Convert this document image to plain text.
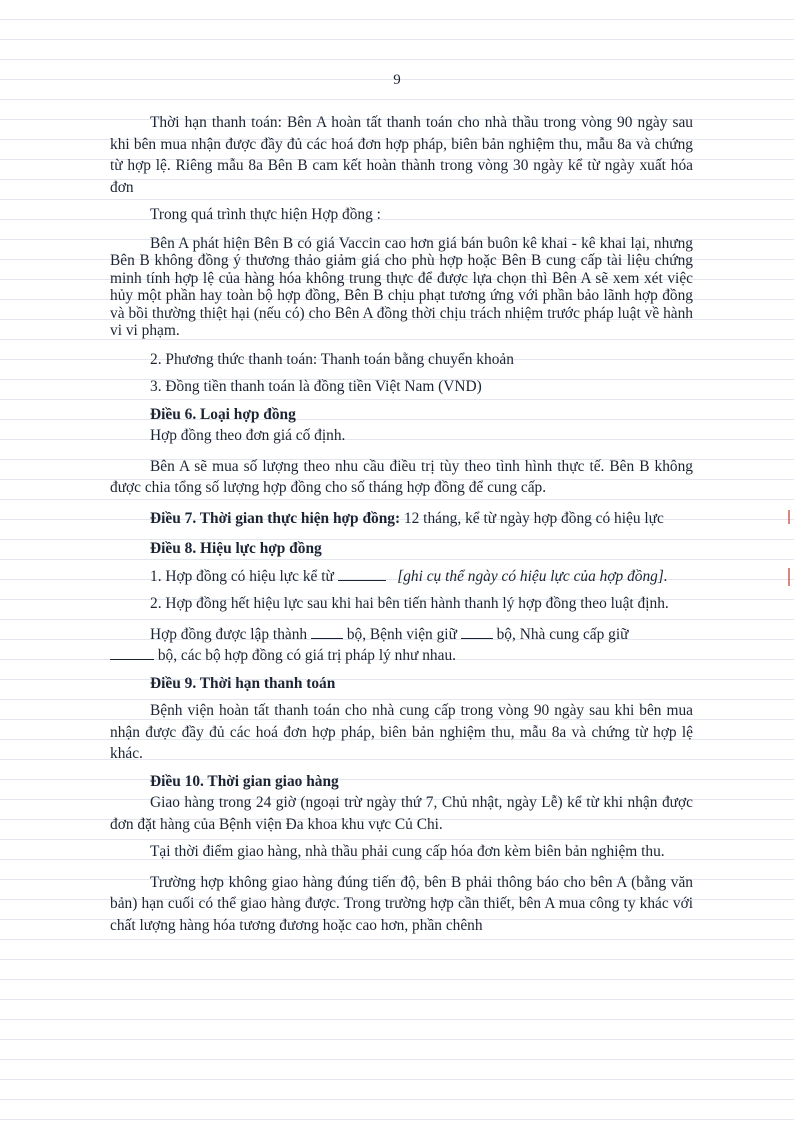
9

Thời hạn thanh toán: Bên A hoàn tất thanh toán cho nhà thầu trong vòng 90 ngày sau khi bên mua nhận được đầy đủ các hoá đơn hợp pháp, biên bản nghiệm thu, mẫu 8a và chứng từ hợp lệ. Riêng mẫu 8a Bên B cam kết hoàn thành trong vòng 30 ngày kể từ ngày xuất hóa đơn

Trong quá trình thực hiện Hợp đồng :

Bên A phát hiện Bên B có giá Vaccin cao hơn giá bán buôn kê khai - kê khai lại, nhưng Bên B không đồng ý thương thảo giảm giá cho phù hợp hoặc Bên B cung cấp tài liệu chứng minh tính hợp lệ của hàng hóa không trung thực để được lựa chọn thì Bên A sẽ xem xét việc hủy một phần hay toàn bộ hợp đồng, Bên B chịu phạt tương ứng với phần bảo lãnh hợp đồng và bồi thường thiệt hại (nếu có) cho Bên A đồng thời chịu trách nhiệm trước pháp luật về hành vi vi phạm.

2. Phương thức thanh toán: Thanh toán bằng chuyển khoản

3. Đồng tiền thanh toán là đồng tiền Việt Nam (VND)

Điều 6. Loại hợp đồng

Hợp đồng theo đơn giá cố định.

Bên A sẽ mua số lượng theo nhu cầu điều trị tùy theo tình hình thực tế. Bên B không được chia tổng số lượng hợp đồng cho số tháng hợp đồng để cung cấp.

Điều 7. Thời gian thực hiện hợp đồng: 12 tháng, kể từ ngày hợp đồng có hiệu lực

Điều 8. Hiệu lực hợp đồng

1. Hợp đồng có hiệu lực kể từ	[ghi cụ thể ngày có hiệu lực của hợp đồng].

2. Hợp đồng hết hiệu lực sau khi hai bên tiến hành thanh lý hợp đồng theo luật định.

Hợp đồng được lập thành  bộ, Bệnh viện giữ  bộ, Nhà cung cấp giữ
bộ, các bộ hợp đồng có giá trị pháp lý như nhau.

Điều 9. Thời hạn thanh toán

Bệnh viện hoàn tất thanh toán cho nhà cung cấp trong vòng 90 ngày sau khi bên mua nhận được đầy đủ các hoá đơn hợp pháp, biên bản nghiệm thu, mẫu 8a và chứng từ hợp lệ khác.

Điều 10. Thời gian giao hàng

Giao hàng trong 24 giờ (ngoại trừ ngày thứ 7, Chủ nhật, ngày Lễ) kể từ khi nhận được đơn đặt hàng của Bệnh viện Đa khoa khu vực Củ Chi.

Tại thời điểm giao hàng, nhà thầu phải cung cấp hóa đơn kèm biên bản nghiệm thu.

Trường hợp không giao hàng đúng tiến độ, bên B phải thông báo cho bên A (bằng văn bản) hạn cuối có thể giao hàng được. Trong trường hợp cần thiết, bên A mua công ty khác với chất lượng hàng hóa tương đương hoặc cao hơn, phần chênh
